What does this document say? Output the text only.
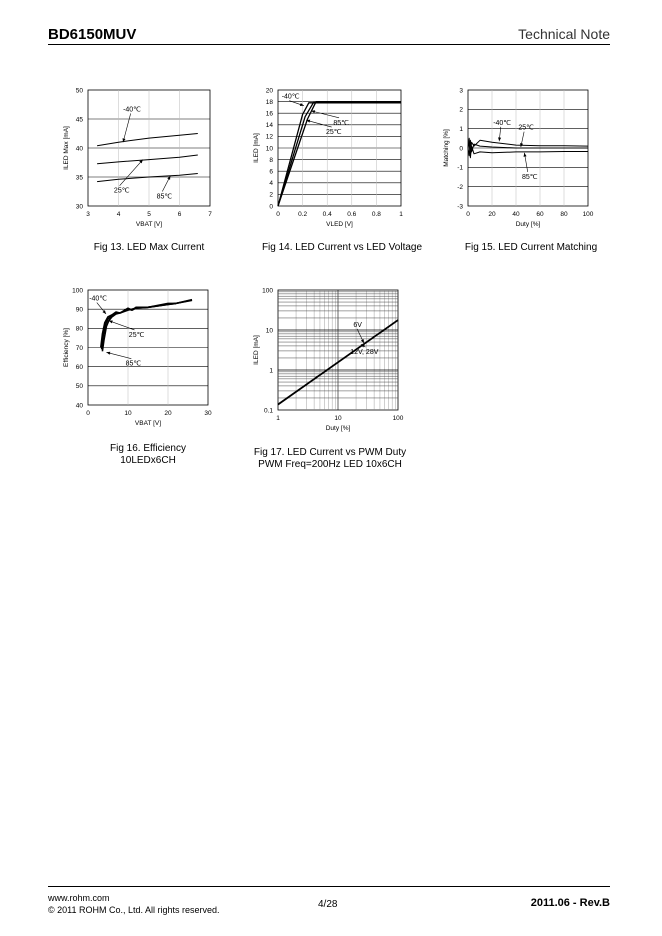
BD6150MUV	Technical Note
www.rohm.com
© 2011 ROHM Co., Ltd. All rights reserved.	4/28	2011.06 - Rev.B
Fig 13. LED Max Current	Fig 14. LED Current vs LED Voltage	Fig 15. LED Current Matching
Fig 16. Efficiency
10LEDx6CH
Fig 17. LED Current vs PWM Duty
PWM Freq=200Hz LED 10x6CH
3	4	5	6	7
30
35
40
45
50
VBAT [V]
ILED Max [mA]
-40℃
25℃
85℃
0	0.2 0.4 0.6 0.8	1
0
2
4
6
8
10
12
14
16
18
20
VLED [V]
ILED [mA]
-40℃
85℃
25℃
0	20	40	60	80 100
-3
-2
-1
0
1
2
3
Duty [%]
Matching [%]
-40℃
25℃
85℃
0	10	20	30
40
50
60
70
80
90
100
VBAT [V]
Efficiency [%]
-40℃
25℃
85℃
1	10	100
0.1
1
10
100
Duty [%]
ILED [mA]
6V
12V, 28V
